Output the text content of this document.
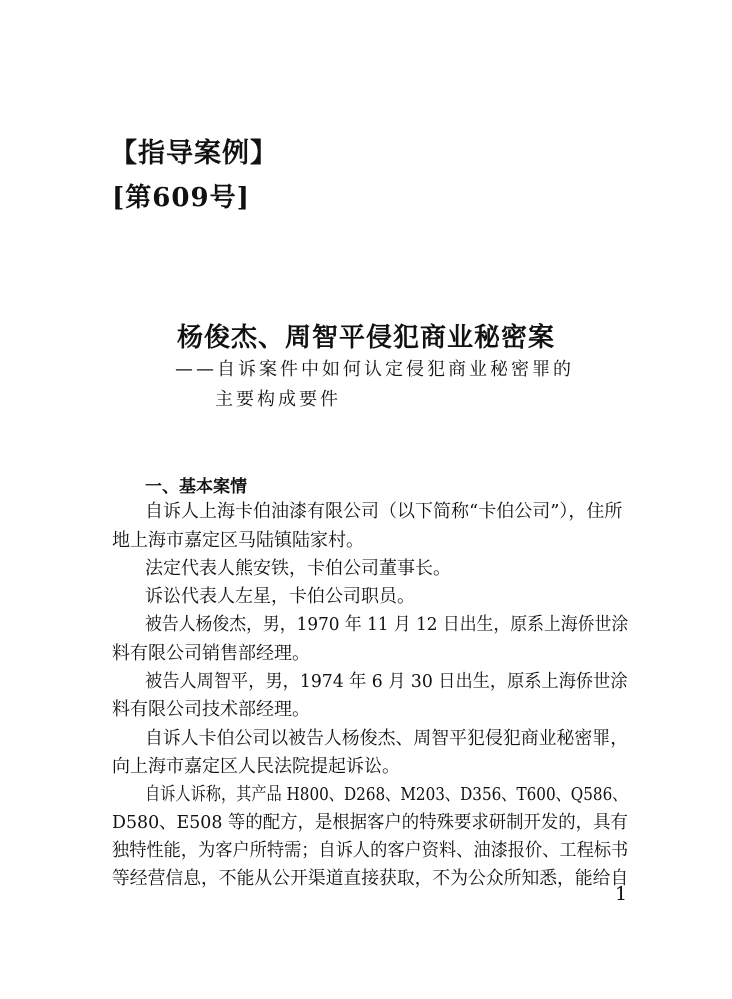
【指导案例】
[第609号]
杨俊杰、周智平侵犯商业秘密案
——自诉案件中如何认定侵犯商业秘密罪的
主要构成要件
一、基本案情
自诉人上海卡伯油漆有限公司（以下简称“卡伯公司”），住所
地上海市嘉定区马陆镇陆家村。
法定代表人熊安铁，卡伯公司董事长。
诉讼代表人左星，卡伯公司职员。
被告人杨俊杰，男，1970 年 11 月 12 日出生，原系上海侨世涂
料有限公司销售部经理。
被告人周智平，男，1974 年 6 月 30 日出生，原系上海侨世涂
料有限公司技术部经理。
自诉人卡伯公司以被告人杨俊杰、周智平犯侵犯商业秘密罪，
向上海市嘉定区人民法院提起诉讼。
自诉人诉称，其产品 H800、D268、M203、D356、T600、Q586、
D580、E508 等的配方，是根据客户的特殊要求研制开发的，具有
独特性能，为客户所特需；自诉人的客户资料、油漆报价、工程标书
等经营信息，不能从公开渠道直接获取，不为公众所知悉，能给自
1
